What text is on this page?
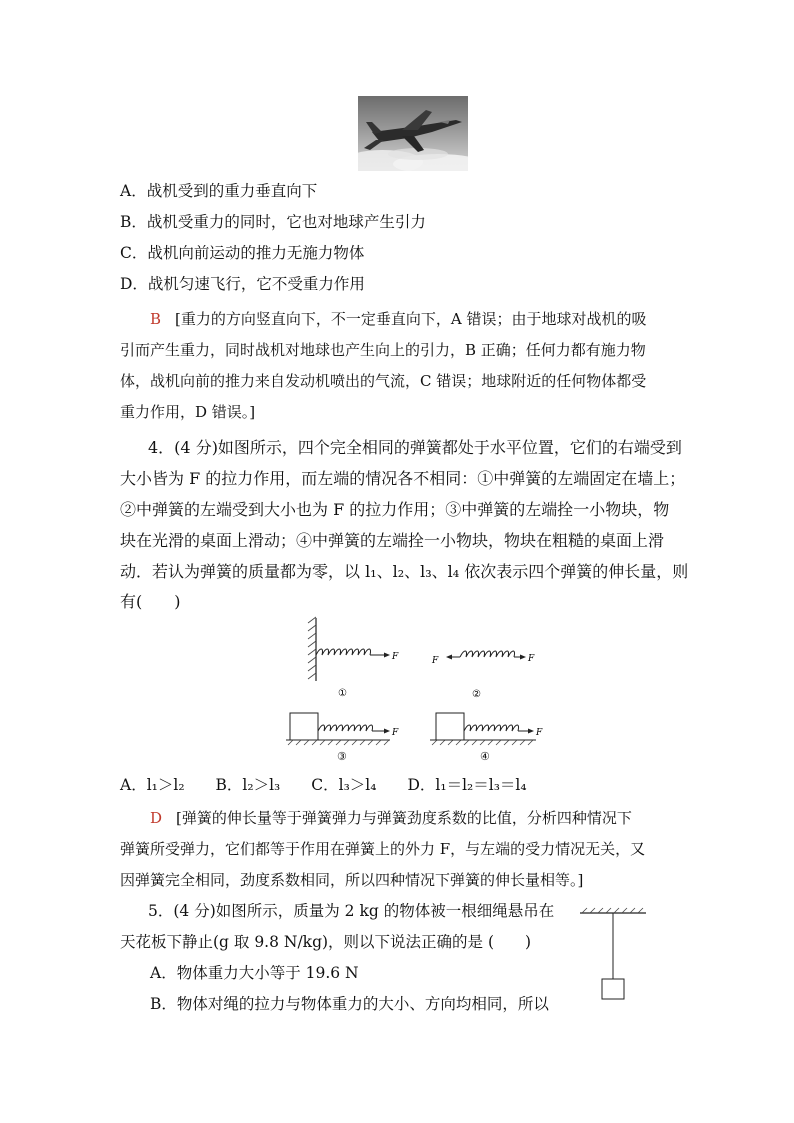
A．战机受到的重力垂直向下
B．战机受重力的同时，它也对地球产生引力
C．战机向前运动的推力无施力物体
D．战机匀速飞行，它不受重力作用
B [重力的方向竖直向下，不一定垂直向下，A 错误；由于地球对战机的吸
引而产生重力，同时战机对地球也产生向上的引力，B 正确；任何力都有施力物
体，战机向前的推力来自发动机喷出的气流，C 错误；地球附近的任何物体都受
重力作用，D 错误。]
4．(4 分)如图所示，四个完全相同的弹簧都处于水平位置，它们的右端受到
大小皆为 F 的拉力作用，而左端的情况各不相同：①中弹簧的左端固定在墙上；
②中弹簧的左端受到大小也为 F 的拉力作用；③中弹簧的左端拴一小物块，物
块在光滑的桌面上滑动；④中弹簧的左端拴一小物块，物块在粗糙的桌面上滑
动．若认为弹簧的质量都为零，以 l₁、l₂、l₃、l₄ 依次表示四个弹簧的伸长量，则
有(　　)
F
①
F	F
②
F	F
③	④
A．l₁＞l₂　　B．l₂＞l₃　　C．l₃＞l₄　　D．l₁＝l₂＝l₃＝l₄
D [弹簧的伸长量等于弹簧弹力与弹簧劲度系数的比值，分析四种情况下
弹簧所受弹力，它们都等于作用在弹簧上的外力 F，与左端的受力情况无关，又
因弹簧完全相同，劲度系数相同，所以四种情况下弹簧的伸长量相等。]
5．(4 分)如图所示，质量为 2 kg 的物体被一根细绳悬吊在
天花板下静止(g 取 9.8 N/kg)，则以下说法正确的是 (　　)
A．物体重力大小等于 19.6 N
B．物体对绳的拉力与物体重力的大小、方向均相同，所以
